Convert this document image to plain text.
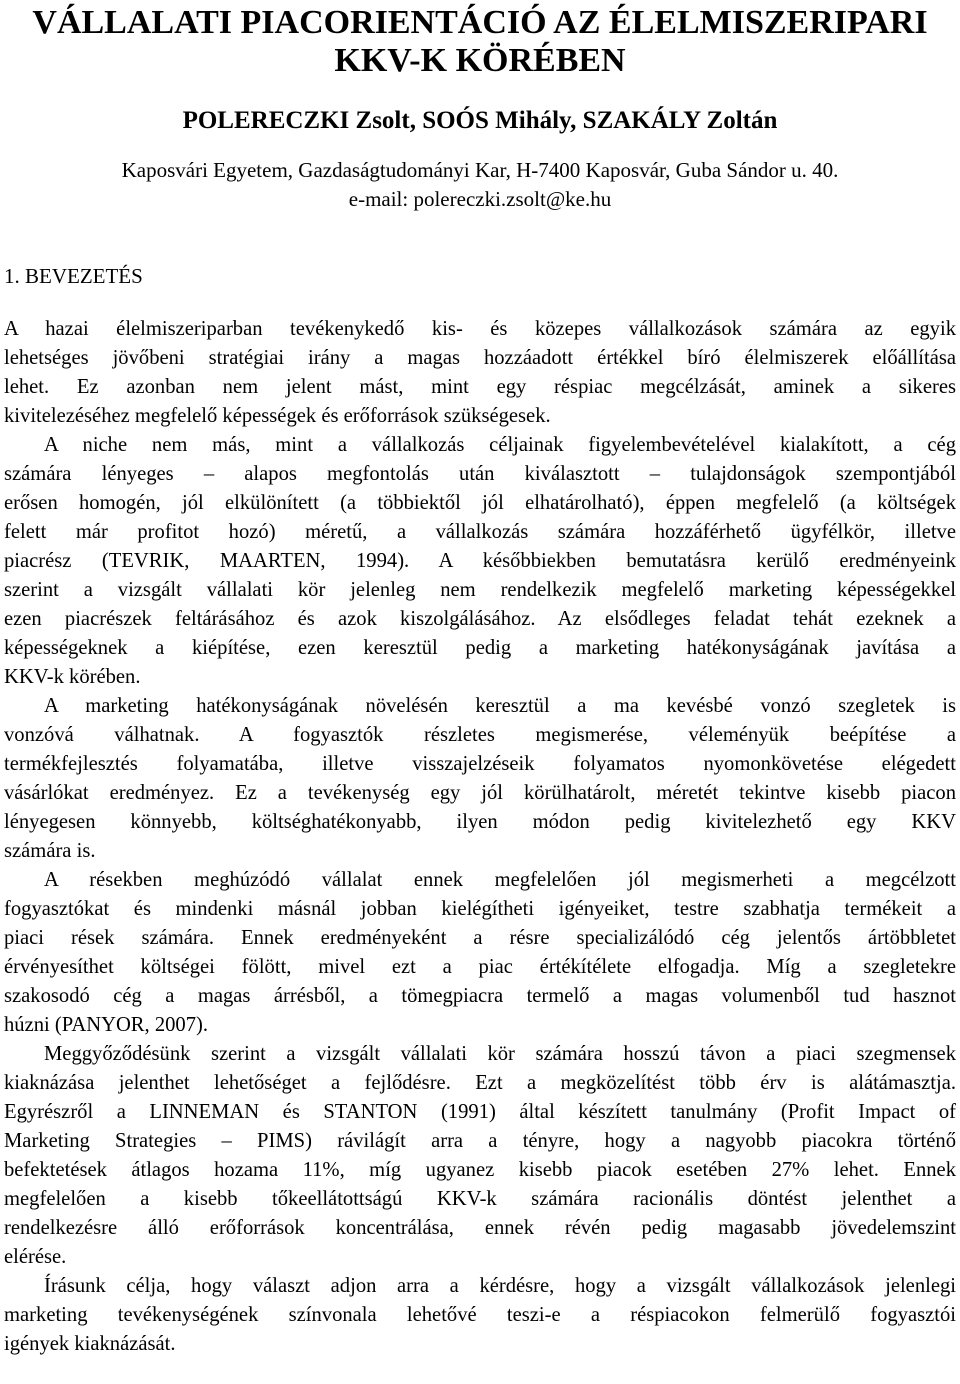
VÁLLALATI PIACORIENTÁCIÓ AZ ÉLELMISZERIPARI
KKV-K KÖRÉBEN
POLERECZKI Zsolt, SOÓS Mihály, SZAKÁLY Zoltán
Kaposvári Egyetem, Gazdaságtudományi Kar, H-7400 Kaposvár, Guba Sándor u. 40.
e-mail: polereczki.zsolt@ke.hu
1. BEVEZETÉS
A hazai élelmiszeriparban tevékenykedő kis- és közepes vállalkozások számára az egyik
lehetséges jövőbeni stratégiai irány a magas hozzáadott értékkel bíró élelmiszerek előállítása
lehet. Ez azonban nem jelent mást, mint egy réspiac megcélzását, aminek a sikeres
kivitelezéséhez megfelelő képességek és erőforrások szükségesek.
A niche nem más, mint a vállalkozás céljainak figyelembevételével kialakított, a cég
számára lényeges – alapos megfontolás után kiválasztott – tulajdonságok szempontjából
erősen homogén, jól elkülönített (a többiektől jól elhatárolható), éppen megfelelő (a költségek
felett már profitot hozó) méretű, a vállalkozás számára hozzáférhető ügyfélkör, illetve
piacrész (TEVRIK, MAARTEN, 1994). A későbbiekben bemutatásra kerülő eredményeink
szerint a vizsgált vállalati kör jelenleg nem rendelkezik megfelelő marketing képességekkel
ezen piacrészek feltárásához és azok kiszolgálásához. Az elsődleges feladat tehát ezeknek a
képességeknek a kiépítése, ezen keresztül pedig a marketing hatékonyságának javítása a
KKV-k körében.
A marketing hatékonyságának növelésén keresztül a ma kevésbé vonzó szegletek is
vonzóvá válhatnak. A fogyasztók részletes megismerése, véleményük beépítése a
termékfejlesztés folyamatába, illetve visszajelzéseik folyamatos nyomonkövetése elégedett
vásárlókat eredményez. Ez a tevékenység egy jól körülhatárolt, méretét tekintve kisebb piacon
lényegesen könnyebb, költséghatékonyabb, ilyen módon pedig kivitelezhető egy KKV
számára is.
A résekben meghúzódó vállalat ennek megfelelően jól megismerheti a megcélzott
fogyasztókat és mindenki másnál jobban kielégítheti igényeiket, testre szabhatja termékeit a
piaci rések számára. Ennek eredményeként a résre specializálódó cég jelentős ártöbbletet
érvényesíthet költségei fölött, mivel ezt a piac értékítélete elfogadja. Míg a szegletekre
szakosodó cég a magas árrésből, a tömegpiacra termelő a magas volumenből tud hasznot
húzni (PANYOR, 2007).
Meggyőződésünk szerint a vizsgált vállalati kör számára hosszú távon a piaci szegmensek
kiaknázása jelenthet lehetőséget a fejlődésre. Ezt a megközelítést több érv is alátámasztja.
Egyrészről a LINNEMAN és STANTON (1991) által készített tanulmány (Profit Impact of
Marketing Strategies – PIMS) rávilágít arra a tényre, hogy a nagyobb piacokra történő
befektetések átlagos hozama 11%, míg ugyanez kisebb piacok esetében 27% lehet. Ennek
megfelelően a kisebb tőkeellátottságú KKV-k számára racionális döntést jelenthet a
rendelkezésre álló erőforrások koncentrálása, ennek révén pedig magasabb jövedelemszint
elérése.
Írásunk célja, hogy választ adjon arra a kérdésre, hogy a vizsgált vállalkozások jelenlegi
marketing tevékenységének színvonala lehetővé teszi-e a réspiacokon felmerülő fogyasztói
igények kiaknázását.
